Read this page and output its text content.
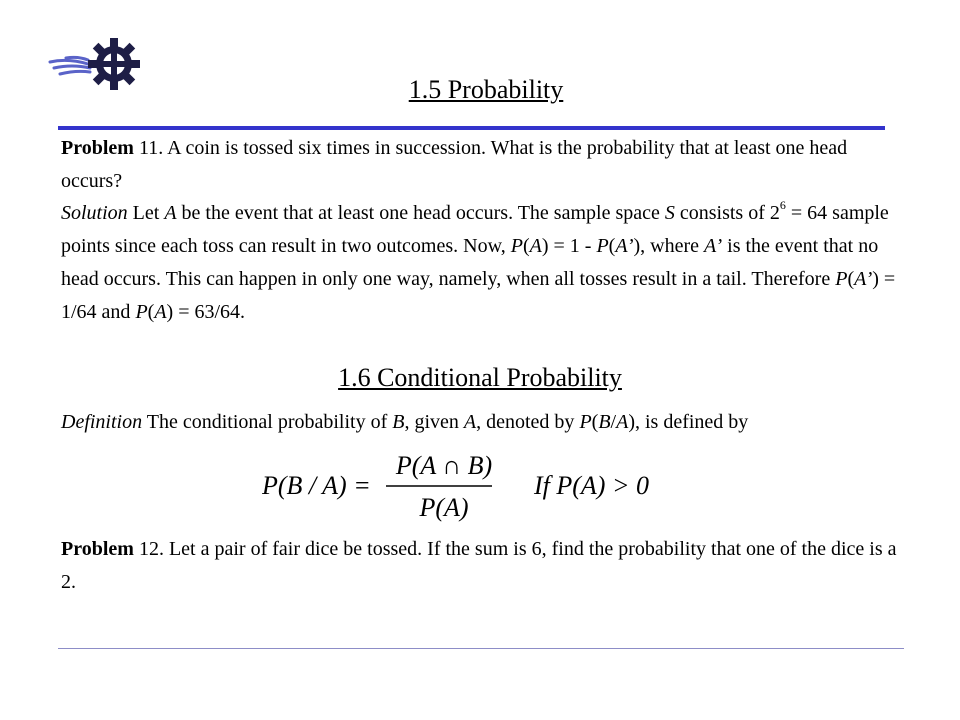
1.5 Probability

Problem 11. A coin is tossed six times in succession. What is the probability that at least one head occurs?

Solution Let A be the event that at least one head occurs. The sample space S consists of $2^6 = 64$ sample points since each toss can result in two outcomes. Now, P(A) = 1 - P(A’), where A’ is the event that no head occurs. This can happen in only one way, namely, when all tosses result in a tail. Therefore P(A’) = 1/64 and P(A) = 63/64.

1.6 Conditional Probability

Definition The conditional probability of B, given A, denoted by P(B/A), is defined by

P(B / A) =
P(A ∩ B)
P(A)
If P(A) > 0

Problem 12. Let a pair of fair dice be tossed. If the sum is 6, find the probability that one of the dice is a 2.
